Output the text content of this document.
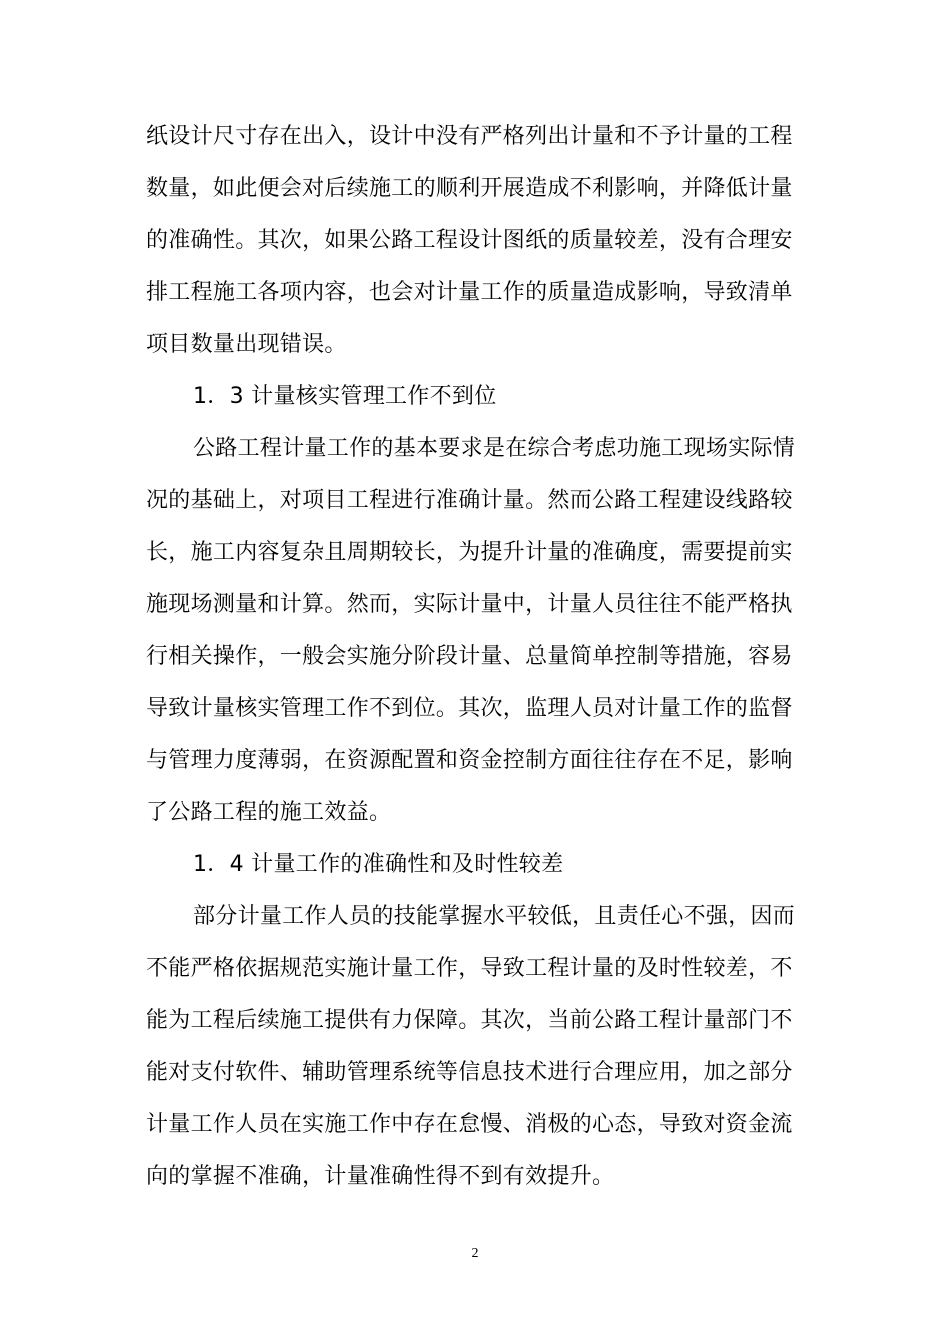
纸设计尺寸存在出入，设计中没有严格列出计量和不予计量的工程
数量，如此便会对后续施工的顺利开展造成不利影响，并降低计量
的准确性。其次，如果公路工程设计图纸的质量较差，没有合理安
排工程施工各项内容，也会对计量工作的质量造成影响，导致清单
项目数量出现错误。
1．3 计量核实管理工作不到位
公路工程计量工作的基本要求是在综合考虑功施工现场实际情
况的基础上，对项目工程进行准确计量。然而公路工程建设线路较
长，施工内容复杂且周期较长，为提升计量的准确度，需要提前实
施现场测量和计算。然而，实际计量中，计量人员往往不能严格执
行相关操作，一般会实施分阶段计量、总量简单控制等措施，容易
导致计量核实管理工作不到位。其次，监理人员对计量工作的监督
与管理力度薄弱，在资源配置和资金控制方面往往存在不足，影响
了公路工程的施工效益。
1．4 计量工作的准确性和及时性较差
部分计量工作人员的技能掌握水平较低，且责任心不强，因而
不能严格依据规范实施计量工作，导致工程计量的及时性较差，不
能为工程后续施工提供有力保障。其次，当前公路工程计量部门不
能对支付软件、辅助管理系统等信息技术进行合理应用，加之部分
计量工作人员在实施工作中存在怠慢、消极的心态，导致对资金流
向的掌握不准确，计量准确性得不到有效提升。
2
